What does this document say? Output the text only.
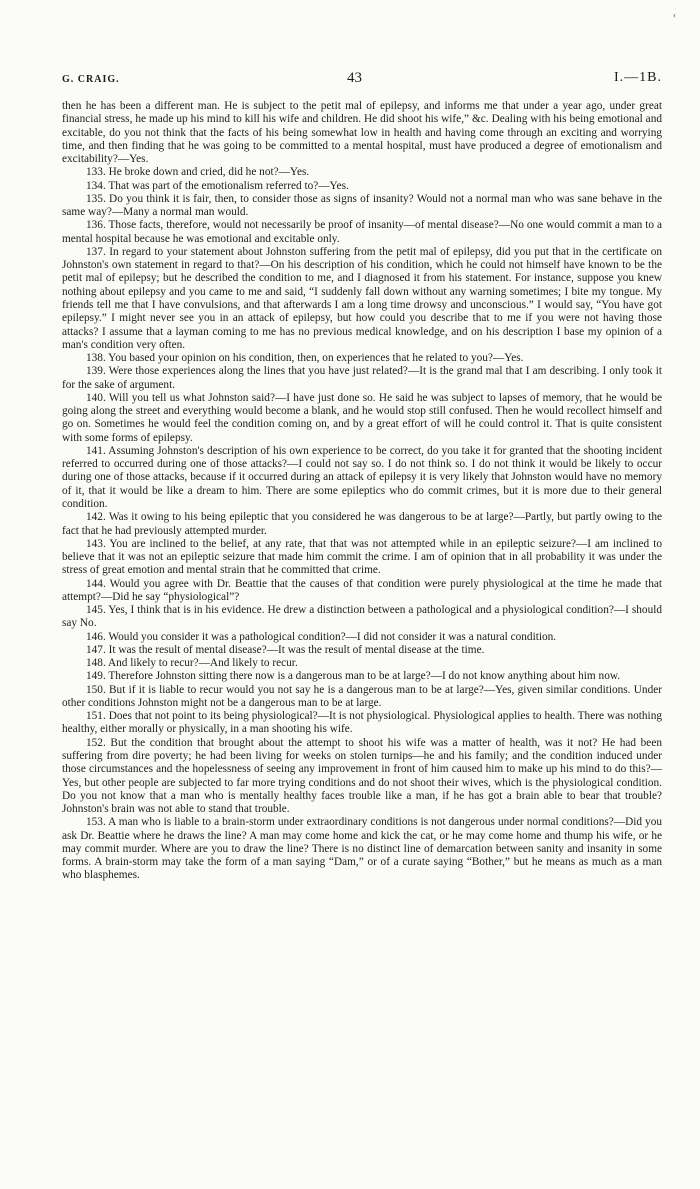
‹
G. CRAIG.	43	I.—1B.

then he has been a different man. He is subject to the petit mal of epilepsy, and informs me that under a year ago, under great financial stress, he made up his mind to kill his wife and children. He did shoot his wife,” &c. Dealing with his being emotional and excitable, do you not think that the facts of his being somewhat low in health and having come through an exciting and worrying time, and then finding that he was going to be committed to a mental hospital, must have produced a degree of emotionalism and excitability?—Yes.

133. He broke down and cried, did he not?—Yes.

134. That was part of the emotionalism referred to?—Yes.

135. Do you think it is fair, then, to consider those as signs of insanity? Would not a normal man who was sane behave in the same way?—Many a normal man would.

136. Those facts, therefore, would not necessarily be proof of insanity—of mental disease?—No one would commit a man to a mental hospital because he was emotional and excitable only.

137. In regard to your statement about Johnston suffering from the petit mal of epilepsy, did you put that in the certificate on Johnston's own statement in regard to that?—On his description of his condition, which he could not himself have known to be the petit mal of epilepsy; but he described the condition to me, and I diagnosed it from his statement. For instance, suppose you knew nothing about epilepsy and you came to me and said, “I suddenly fall down without any warning sometimes; I bite my tongue. My friends tell me that I have convulsions, and that afterwards I am a long time drowsy and unconscious.” I would say, “You have got epilepsy.” I might never see you in an attack of epilepsy, but how could you describe that to me if you were not having those attacks? I assume that a layman coming to me has no previous medical knowledge, and on his description I base my opinion of a man's condition very often.

138. You based your opinion on his condition, then, on experiences that he related to you?—Yes.

139. Were those experiences along the lines that you have just related?—It is the grand mal that I am describing. I only took it for the sake of argument.

140. Will you tell us what Johnston said?—I have just done so. He said he was subject to lapses of memory, that he would be going along the street and everything would become a blank, and he would stop still confused. Then he would recollect himself and go on. Sometimes he would feel the condition coming on, and by a great effort of will he could control it. That is quite consistent with some forms of epilepsy.

141. Assuming Johnston's description of his own experience to be correct, do you take it for granted that the shooting incident referred to occurred during one of those attacks?—I could not say so. I do not think so. I do not think it would be likely to occur during one of those attacks, because if it occurred during an attack of epilepsy it is very likely that Johnston would have no memory of it, that it would be like a dream to him. There are some epileptics who do commit crimes, but it is more due to their general condition.

142. Was it owing to his being epileptic that you considered he was dangerous to be at large?—Partly, but partly owing to the fact that he had previously attempted murder.

143. You are inclined to the belief, at any rate, that that was not attempted while in an epileptic seizure?—I am inclined to believe that it was not an epileptic seizure that made him commit the crime. I am of opinion that in all probability it was under the stress of great emotion and mental strain that he committed that crime.

144. Would you agree with Dr. Beattie that the causes of that condition were purely physiological at the time he made that attempt?—Did he say “physiological”?

145. Yes, I think that is in his evidence. He drew a distinction between a pathological and a physiological condition?—I should say No.

146. Would you consider it was a pathological condition?—I did not consider it was a natural condition.

147. It was the result of mental disease?—It was the result of mental disease at the time.

148. And likely to recur?—And likely to recur.

149. Therefore Johnston sitting there now is a dangerous man to be at large?—I do not know anything about him now.

150. But if it is liable to recur would you not say he is a dangerous man to be at large?—Yes, given similar conditions. Under other conditions Johnston might not be a dangerous man to be at large.

151. Does that not point to its being physiological?—It is not physiological. Physiological applies to health. There was nothing healthy, either morally or physically, in a man shooting his wife.

152. But the condition that brought about the attempt to shoot his wife was a matter of health, was it not? He had been suffering from dire poverty; he had been living for weeks on stolen turnips—he and his family; and the condition induced under those circumstances and the hopelessness of seeing any improvement in front of him caused him to make up his mind to do this?—Yes, but other people are subjected to far more trying conditions and do not shoot their wives, which is the physiological condition. Do you not know that a man who is mentally healthy faces trouble like a man, if he has got a brain able to bear that trouble? Johnston's brain was not able to stand that trouble.

153. A man who is liable to a brain-storm under extraordinary conditions is not dangerous under normal conditions?—Did you ask Dr. Beattie where he draws the line? A man may come home and kick the cat, or he may come home and thump his wife, or he may commit murder. Where are you to draw the line? There is no distinct line of demarcation between sanity and insanity in some forms. A brain-storm may take the form of a man saying “Dam,” or of a curate saying “Bother,” but he means as much as a man who blasphemes.
